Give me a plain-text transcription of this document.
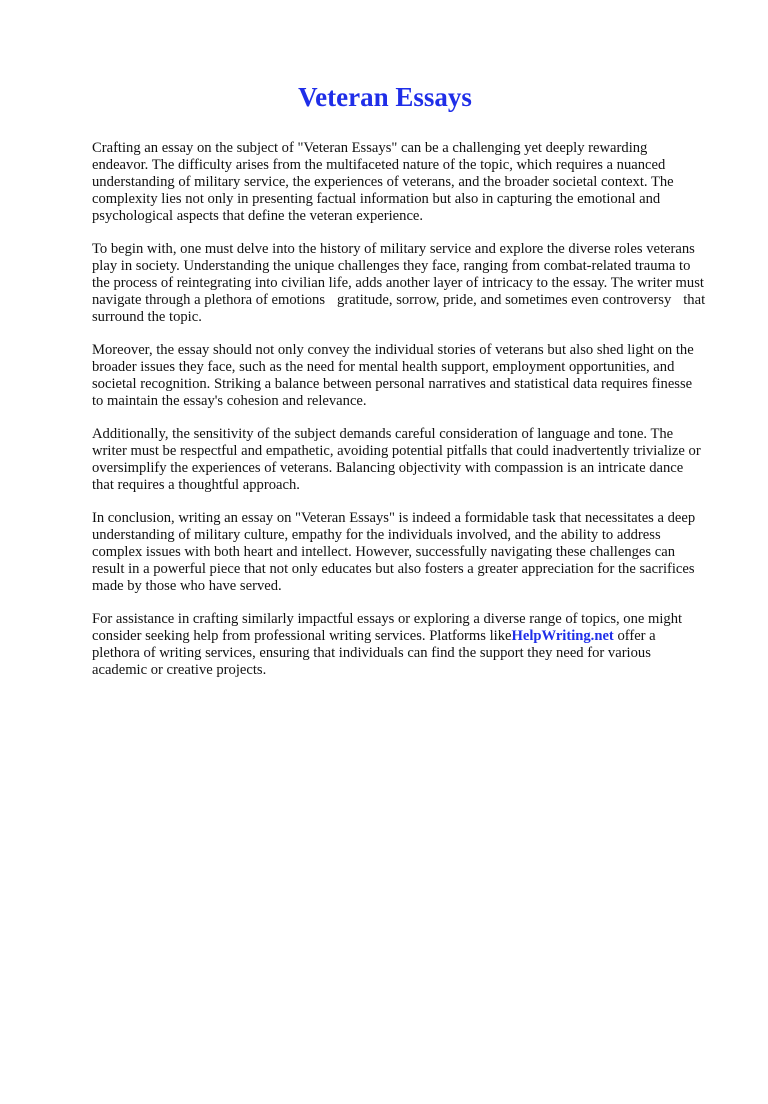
Veteran Essays

Crafting an essay on the subject of "Veteran Essays" can be a challenging yet deeply rewarding endeavor. The difficulty arises from the multifaceted nature of the topic, which requires a nuanced understanding of military service, the experiences of veterans, and the broader societal context. The complexity lies not only in presenting factual information but also in capturing the emotional and psychological aspects that define the veteran experience.

To begin with, one must delve into the history of military service and explore the diverse roles veterans play in society. Understanding the unique challenges they face, ranging from combat-related trauma to the process of reintegrating into civilian life, adds another layer of intricacy to the essay. The writer must navigate through a plethora of emotions gratitude, sorrow, pride, and sometimes even controversy that surround the topic.

Moreover, the essay should not only convey the individual stories of veterans but also shed light on the broader issues they face, such as the need for mental health support, employment opportunities, and societal recognition. Striking a balance between personal narratives and statistical data requires finesse to maintain the essay's cohesion and relevance.

Additionally, the sensitivity of the subject demands careful consideration of language and tone. The writer must be respectful and empathetic, avoiding potential pitfalls that could inadvertently trivialize or oversimplify the experiences of veterans. Balancing objectivity with compassion is an intricate dance that requires a thoughtful approach.

In conclusion, writing an essay on "Veteran Essays" is indeed a formidable task that necessitates a deep understanding of military culture, empathy for the individuals involved, and the ability to address complex issues with both heart and intellect. However, successfully navigating these challenges can result in a powerful piece that not only educates but also fosters a greater appreciation for the sacrifices made by those who have served.

For assistance in crafting similarly impactful essays or exploring a diverse range of topics, one might consider seeking help from professional writing services. Platforms likeHelpWriting.net offer a plethora of writing services, ensuring that individuals can find the support they need for various academic or creative projects.
